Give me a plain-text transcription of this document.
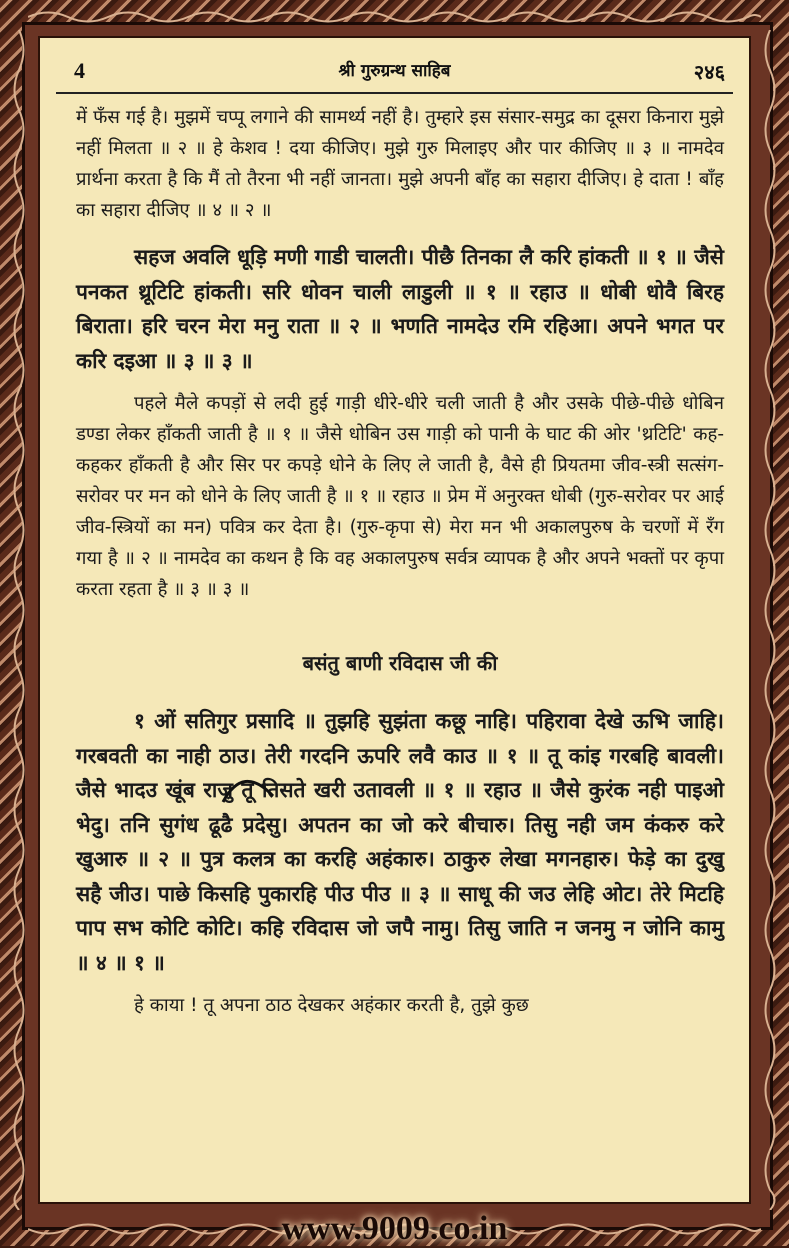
4	श्री गुरुग्रन्थ साहिब	२४६

में फँस गई है। मुझमें चप्पू लगाने की सामर्थ्य नहीं है। तुम्हारे इस संसार-समुद्र का दूसरा किनारा मुझे नहीं मिलता ॥ २ ॥ हे केशव ! दया कीजिए। मुझे गुरु मिलाइए और पार कीजिए ॥ ३ ॥ नामदेव प्रार्थना करता है कि मैं तो तैरना भी नहीं जानता। मुझे अपनी बाँह का सहारा दीजिए। हे दाता ! बाँह का सहारा दीजिए ॥ ४ ॥ २ ॥

सहज अवलि धूड़ि मणी गाडी चालती। पीछै तिनका लै करि हांकती ॥ १ ॥ जैसे पनकत थ्रूटिटि हांकती। सरि धोवन चाली लाडुली ॥ १ ॥ रहाउ ॥ धोबी धोवै बिरह बिराता। हरि चरन मेरा मनु राता ॥ २ ॥ भणति नामदेउ रमि रहिआ। अपने भगत पर करि दइआ ॥ ३ ॥ ३ ॥

पहले मैले कपड़ों से लदी हुई गाड़ी धीरे-धीरे चली जाती है और उसके पीछे-पीछे धोबिन डण्डा लेकर हाँकती जाती है ॥ १ ॥ जैसे धोबिन उस गाड़ी को पानी के घाट की ओर 'थ्रटिटि' कह-कहकर हाँकती है और सिर पर कपड़े धोने के लिए ले जाती है, वैसे ही प्रियतमा जीव-स्त्री सत्संग-सरोवर पर मन को धोने के लिए जाती है ॥ १ ॥ रहाउ ॥ प्रेम में अनुरक्त धोबी (गुरु-सरोवर पर आई जीव-स्त्रियों का मन) पवित्र कर देता है। (गुरु-कृपा से) मेरा मन भी अकालपुरुष के चरणों में रँग गया है ॥ २ ॥ नामदेव का कथन है कि वह अकालपुरुष सर्वत्र व्यापक है और अपने भक्तों पर कृपा करता रहता है ॥ ३ ॥ ३ ॥

बसंतु बाणी रविदास जी की

१ ओं सतिगुर प्रसादि ॥ तुझहि सुझंता कछू नाहि। पहिरावा देखे ऊभि जाहि। गरबवती का नाही ठाउ। तेरी गरदनि ऊपरि लवै काउ ॥ १ ॥ तू कांइ गरबहि बावली। जैसे भादउ खूंब राजु तू तिसते खरी उतावली ॥ १ ॥ रहाउ ॥ जैसे कुरंक नही पाइओ भेदु। तनि सुगंध ढूढै प्रदेसु। अपतन का जो करे बीचारु। तिसु नही जम कंकरु करे खुआरु ॥ २ ॥ पुत्र कलत्र का करहि अहंकारु। ठाकुरु लेखा मगनहारु। फेड़े का दुखु सहै जीउ। पाछे किसहि पुकारहि पीउ पीउ ॥ ३ ॥ साधू की जउ लेहि ओट। तेरे मिटहि पाप सभ कोटि कोटि। कहि रविदास जो जपै नामु। तिसु जाति न जनमु न जोनि कामु ॥ ४ ॥ १ ॥

हे काया ! तू अपना ठाठ देखकर अहंकार करती है, तुझे कुछ

www.9009.co.in
